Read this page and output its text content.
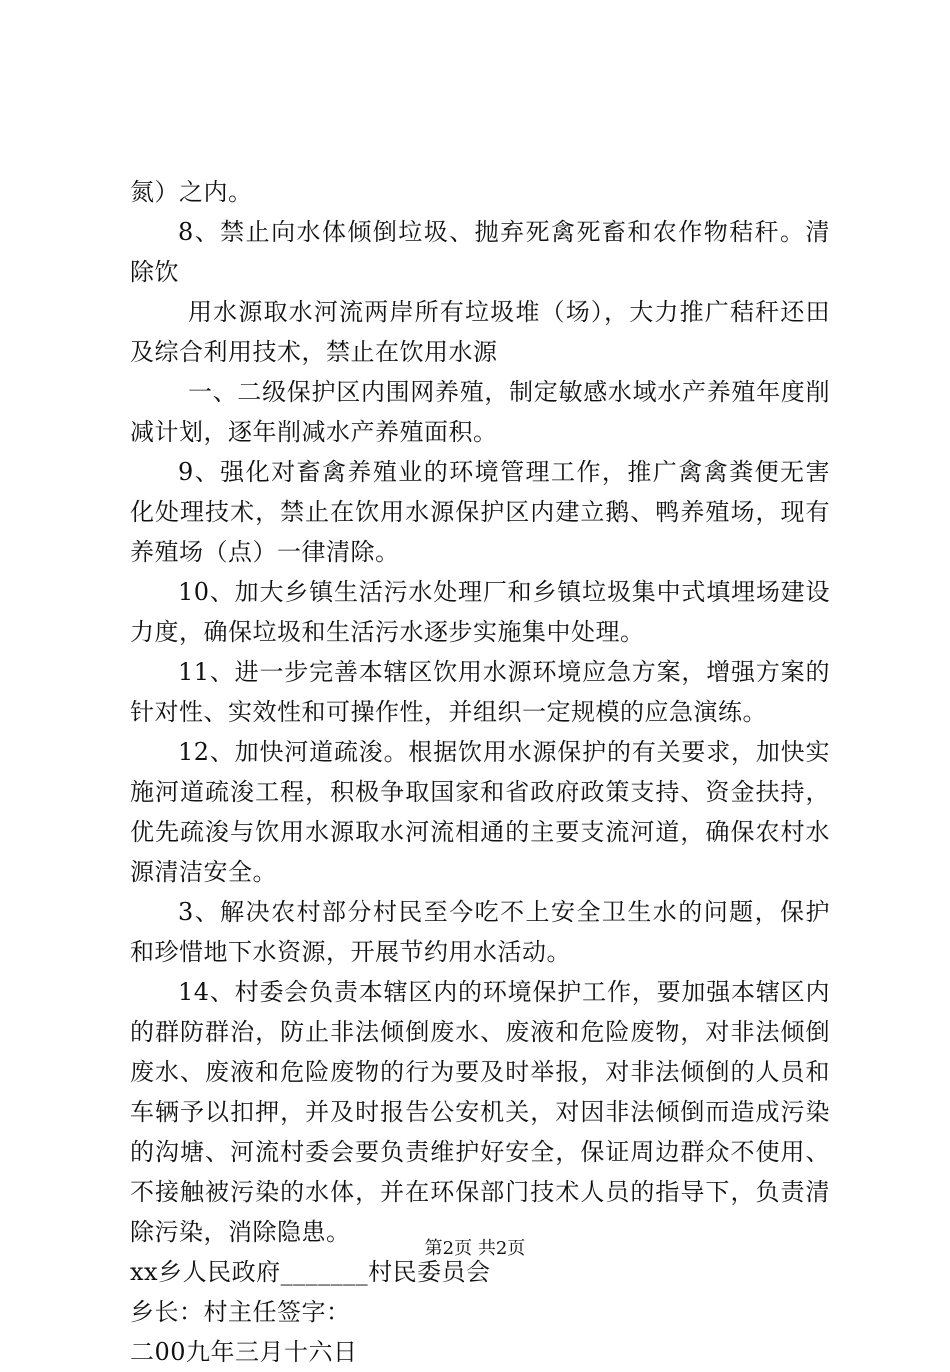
氮）之内。

8、禁止向水体倾倒垃圾、抛弃死禽死畜和农作物秸秆。清除饮

用水源取水河流两岸所有垃圾堆（场），大力推广秸秆还田及综合利用技术，禁止在饮用水源

一、二级保护区内围网养殖，制定敏感水域水产养殖年度削减计划，逐年削减水产养殖面积。

9、强化对畜禽养殖业的环境管理工作，推广禽禽粪便无害化处理技术，禁止在饮用水源保护区内建立鹅、鸭养殖场，现有养殖场（点）一律清除。

10、加大乡镇生活污水处理厂和乡镇垃圾集中式填埋场建设力度，确保垃圾和生活污水逐步实施集中处理。

11、进一步完善本辖区饮用水源环境应急方案，增强方案的针对性、实效性和可操作性，并组织一定规模的应急演练。

12、加快河道疏浚。根据饮用水源保护的有关要求，加快实施河道疏浚工程，积极争取国家和省政府政策支持、资金扶持，优先疏浚与饮用水源取水河流相通的主要支流河道，确保农村水源清洁安全。

3、解决农村部分村民至今吃不上安全卫生水的问题，保护和珍惜地下水资源，开展节约用水活动。

14、村委会负责本辖区内的环境保护工作，要加强本辖区内的群防群治，防止非法倾倒废水、废液和危险废物，对非法倾倒废水、废液和危险废物的行为要及时举报，对非法倾倒的人员和车辆予以扣押，并及时报告公安机关，对因非法倾倒而造成污染的沟塘、河流村委会要负责维护好安全，保证周边群众不使用、不接触被污染的水体，并在环保部门技术人员的指导下，负责清除污染，消除隐患。

xx乡人民政府_______村民委员会

乡长：村主任签字：

二00九年三月十六日

第2页 共2页
